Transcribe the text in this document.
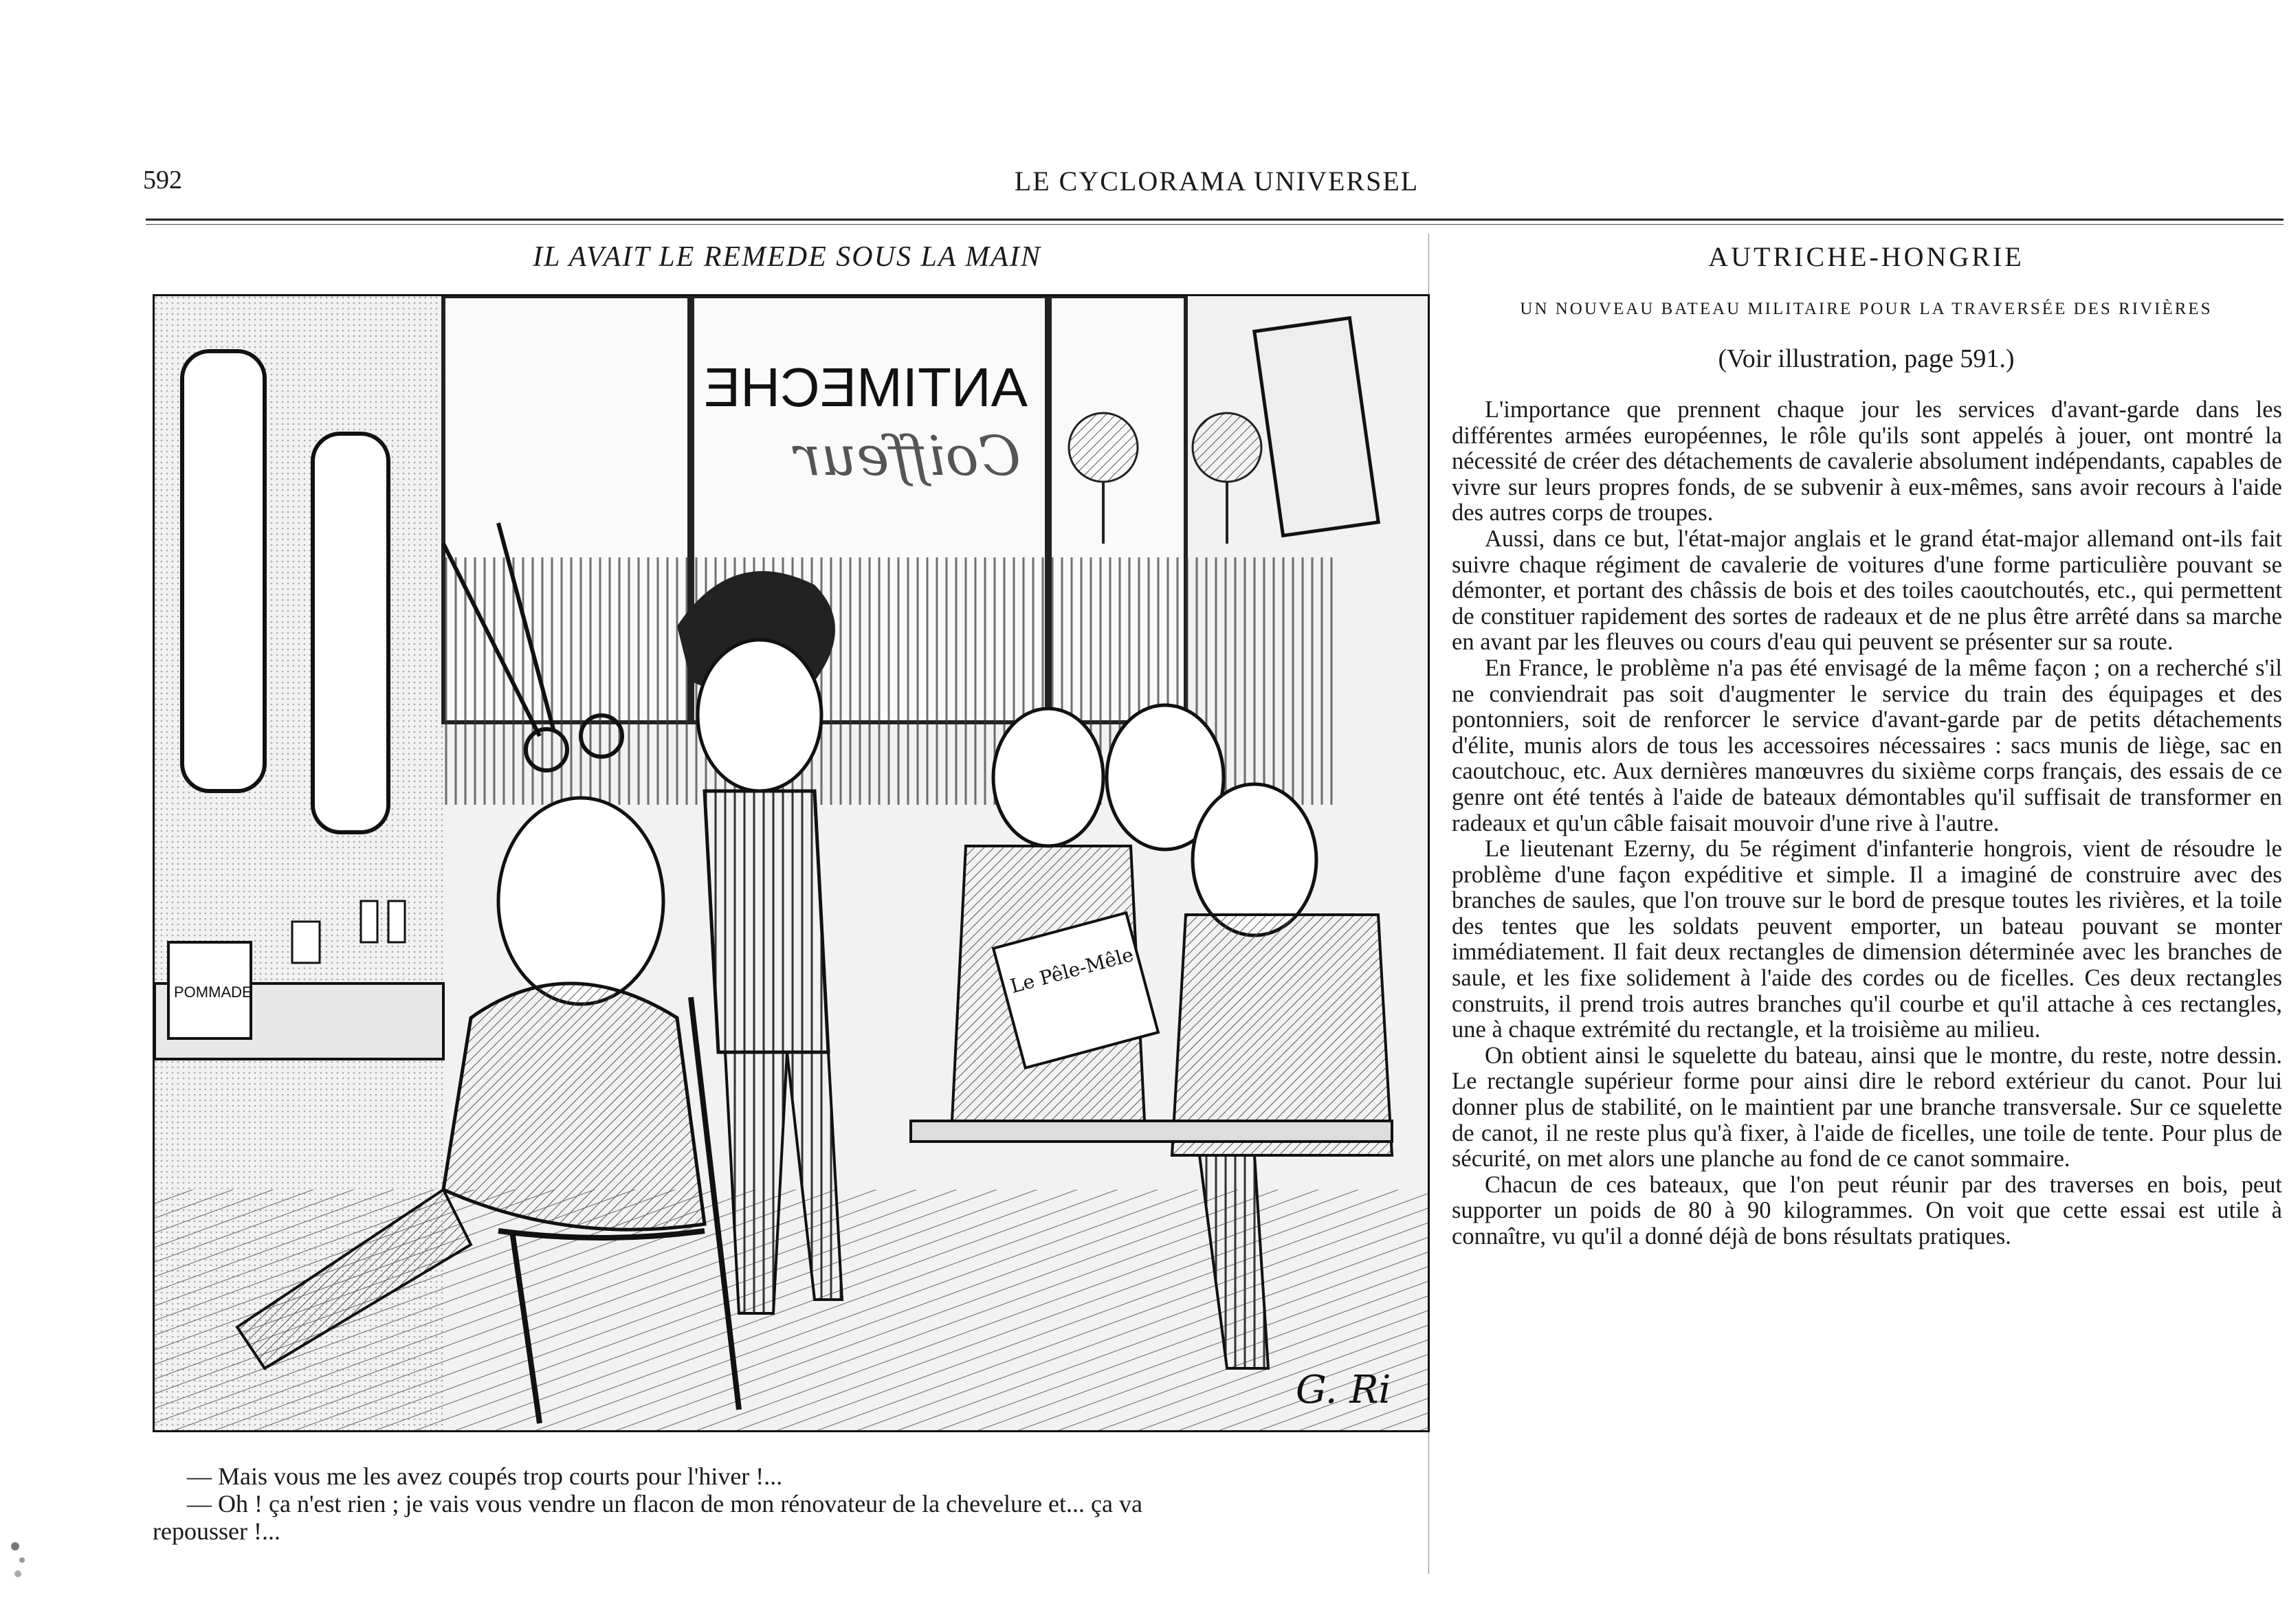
592	LE CYCLORAMA UNIVERSEL
IL AVAIT LE REMEDE SOUS LA MAIN
ANTIMECHE
Coiffeur
POMMADE	Le Pêle-Mêle
G. Ri
— Mais vous me les avez coupés trop courts pour l'hiver !...
— Oh ! ça n'est rien ; je vais vous vendre un flacon de mon rénovateur de la chevelure et... ça va
repousser !...
AUTRICHE-HONGRIE
UN NOUVEAU BATEAU MILITAIRE POUR LA TRAVERSÉE DES RIVIÈRES
(Voir illustration, page 591.)

L'importance que prennent chaque jour les services d'avant-garde dans les différentes armées européennes, le rôle qu'ils sont appelés à jouer, ont montré la nécessité de créer des détachements de cavalerie absolument indépendants, capables de vivre sur leurs propres fonds, de se subvenir à eux-mêmes, sans avoir recours à l'aide des autres corps de troupes.

Aussi, dans ce but, l'état-major anglais et le grand état-major allemand ont-ils fait suivre chaque régiment de cavalerie de voitures d'une forme particulière pouvant se démonter, et portant des châssis de bois et des toiles caoutchoutés, etc., qui permettent de constituer rapidement des sortes de radeaux et de ne plus être arrêté dans sa marche en avant par les fleuves ou cours d'eau qui peuvent se présenter sur sa route.

En France, le problème n'a pas été envisagé de la même façon ; on a recherché s'il ne conviendrait pas soit d'augmenter le service du train des équipages et des pontonniers, soit de renforcer le service d'avant-garde par de petits détachements d'élite, munis alors de tous les accessoires nécessaires : sacs munis de liège, sac en caoutchouc, etc. Aux dernières manœuvres du sixième corps français, des essais de ce genre ont été tentés à l'aide de bateaux démontables qu'il suffisait de transformer en radeaux et qu'un câble faisait mouvoir d'une rive à l'autre.

Le lieutenant Ezerny, du 5e régiment d'infanterie hongrois, vient de résoudre le problème d'une façon expéditive et simple. Il a imaginé de construire avec des branches de saules, que l'on trouve sur le bord de presque toutes les rivières, et la toile des tentes que les soldats peuvent emporter, un bateau pouvant se monter immédiatement. Il fait deux rectangles de dimension déterminée avec les branches de saule, et les fixe solidement à l'aide des cordes ou de ficelles. Ces deux rectangles construits, il prend trois autres branches qu'il courbe et qu'il attache à ces rectangles, une à chaque extrémité du rectangle, et la troisième au milieu.

On obtient ainsi le squelette du bateau, ainsi que le montre, du reste, notre dessin. Le rectangle supérieur forme pour ainsi dire le rebord extérieur du canot. Pour lui donner plus de stabilité, on le maintient par une branche transversale. Sur ce squelette de canot, il ne reste plus qu'à fixer, à l'aide de ficelles, une toile de tente. Pour plus de sécurité, on met alors une planche au fond de ce canot sommaire.

Chacun de ces bateaux, que l'on peut réunir par des traverses en bois, peut supporter un poids de 80 à 90 kilogrammes. On voit que cette essai est utile à connaître, vu qu'il a donné déjà de bons résultats pratiques.
